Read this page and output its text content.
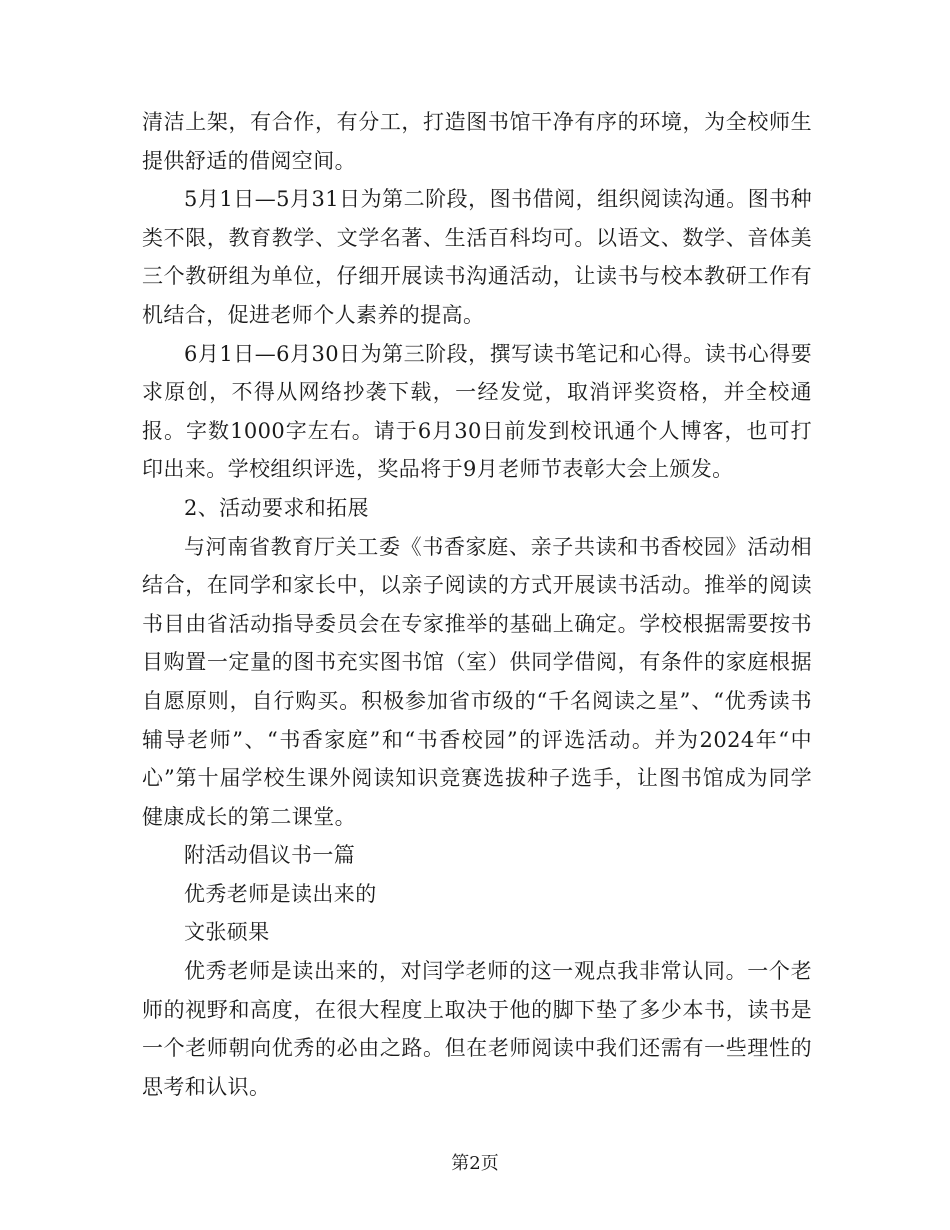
清洁上架，有合作，有分工，打造图书馆干净有序的环境，为全校师生提供舒适的借阅空间。

5月1日—5月31日为第二阶段，图书借阅，组织阅读沟通。图书种类不限，教育教学、文学名著、生活百科均可。以语文、数学、音体美三个教研组为单位，仔细开展读书沟通活动，让读书与校本教研工作有机结合，促进老师个人素养的提高。

6月1日—6月30日为第三阶段，撰写读书笔记和心得。读书心得要求原创，不得从网络抄袭下载，一经发觉，取消评奖资格，并全校通报。字数1000字左右。请于6月30日前发到校讯通个人博客，也可打印出来。学校组织评选，奖品将于9月老师节表彰大会上颁发。

2、活动要求和拓展

与河南省教育厅关工委《书香家庭、亲子共读和书香校园》活动相结合，在同学和家长中，以亲子阅读的方式开展读书活动。推举的阅读书目由省活动指导委员会在专家推举的基础上确定。学校根据需要按书目购置一定量的图书充实图书馆（室）供同学借阅，有条件的家庭根据自愿原则，自行购买。积极参加省市级的“千名阅读之星”、“优秀读书辅导老师”、“书香家庭”和“书香校园”的评选活动。并为2024年“中心”第十届学校生课外阅读知识竞赛选拔种子选手，让图书馆成为同学健康成长的第二课堂。

附活动倡议书一篇

优秀老师是读出来的

文张硕果

优秀老师是读出来的，对闫学老师的这一观点我非常认同。一个老师的视野和高度，在很大程度上取决于他的脚下垫了多少本书，读书是一个老师朝向优秀的必由之路。但在老师阅读中我们还需有一些理性的思考和认识。

第2页
